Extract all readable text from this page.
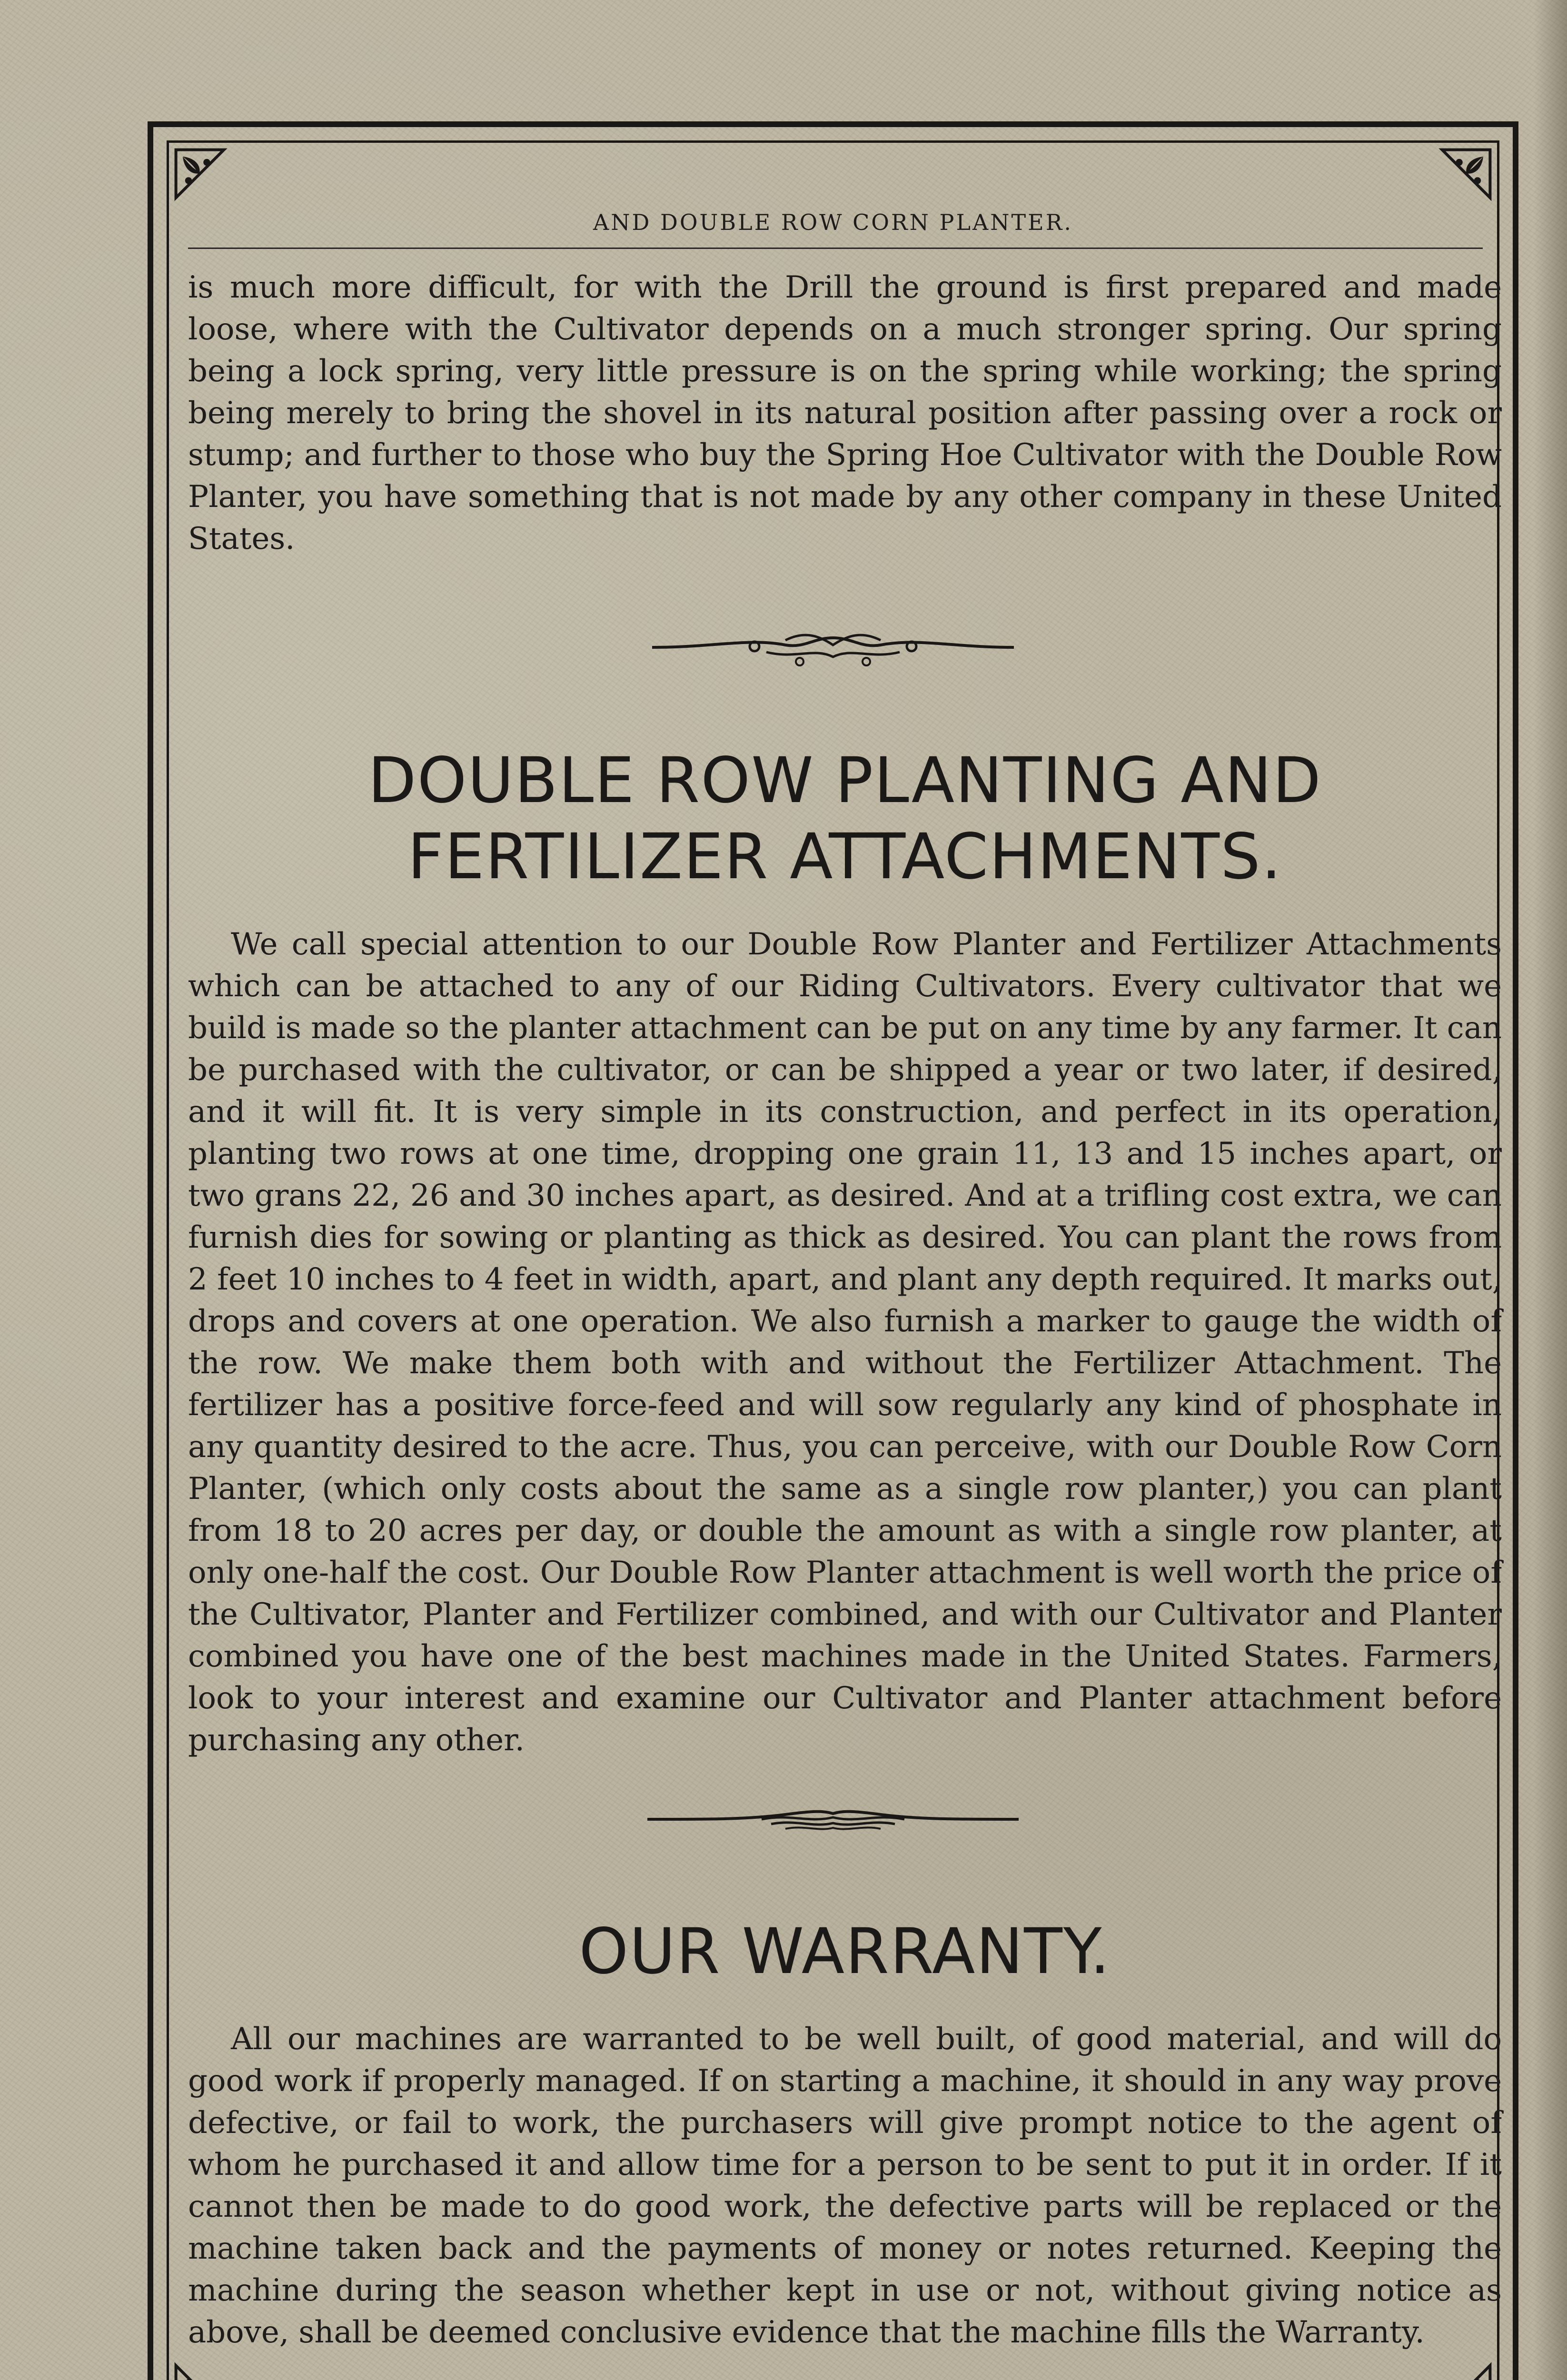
AND DOUBLE ROW CORN PLANTER.

is much more difficult, for with the Drill the ground is first prepared and made loose, where with the Cultivator depends on a much stronger spring. Our spring being a lock spring, very little pressure is on the spring while working; the spring being merely to bring the shovel in its natural position after passing over a rock or stump; and further to those who buy the Spring Hoe Cultivator with the Double Row Planter, you have something that is not made by any other company in these United States.

DOUBLE ROW PLANTING AND FERTILIZER ATTACHMENTS.

We call special attention to our Double Row Planter and Fertilizer Attachments which can be attached to any of our Riding Cultivators. Every cultivator that we build is made so the planter attachment can be put on any time by any farmer. It can be purchased with the cultivator, or can be shipped a year or two later, if desired, and it will fit. It is very simple in its construction, and perfect in its operation, planting two rows at one time, dropping one grain 11, 13 and 15 inches apart, or two grans 22, 26 and 30 inches apart, as desired. And at a trifling cost extra, we can furnish dies for sowing or planting as thick as desired. You can plant the rows from 2 feet 10 inches to 4 feet in width, apart, and plant any depth required. It marks out, drops and covers at one operation. We also furnish a marker to gauge the width of the row. We make them both with and without the Fertilizer Attachment. The fertilizer has a positive force-feed and will sow regularly any kind of phosphate in any quantity desired to the acre. Thus, you can perceive, with our Double Row Corn Planter, (which only costs about the same as a single row planter,) you can plant from 18 to 20 acres per day, or double the amount as with a single row planter, at only one-half the cost. Our Double Row Planter attachment is well worth the price of the Cultivator, Planter and Fertilizer combined, and with our Cultivator and Planter combined you have one of the best machines made in the United States. Farmers, look to your interest and examine our Cultivator and Planter attachment before purchasing any other.

OUR WARRANTY.

All our machines are warranted to be well built, of good material, and will do good work if properly managed. If on starting a machine, it should in any way prove defective, or fail to work, the purchasers will give prompt notice to the agent of whom he purchased it and allow time for a person to be sent to put it in order. If it cannot then be made to do good work, the defective parts will be replaced or the machine taken back and the payments of money or notes returned. Keeping the machine during the season whether kept in use or not, without giving notice as above, shall be deemed conclusive evidence that the machine fills the Warranty.
